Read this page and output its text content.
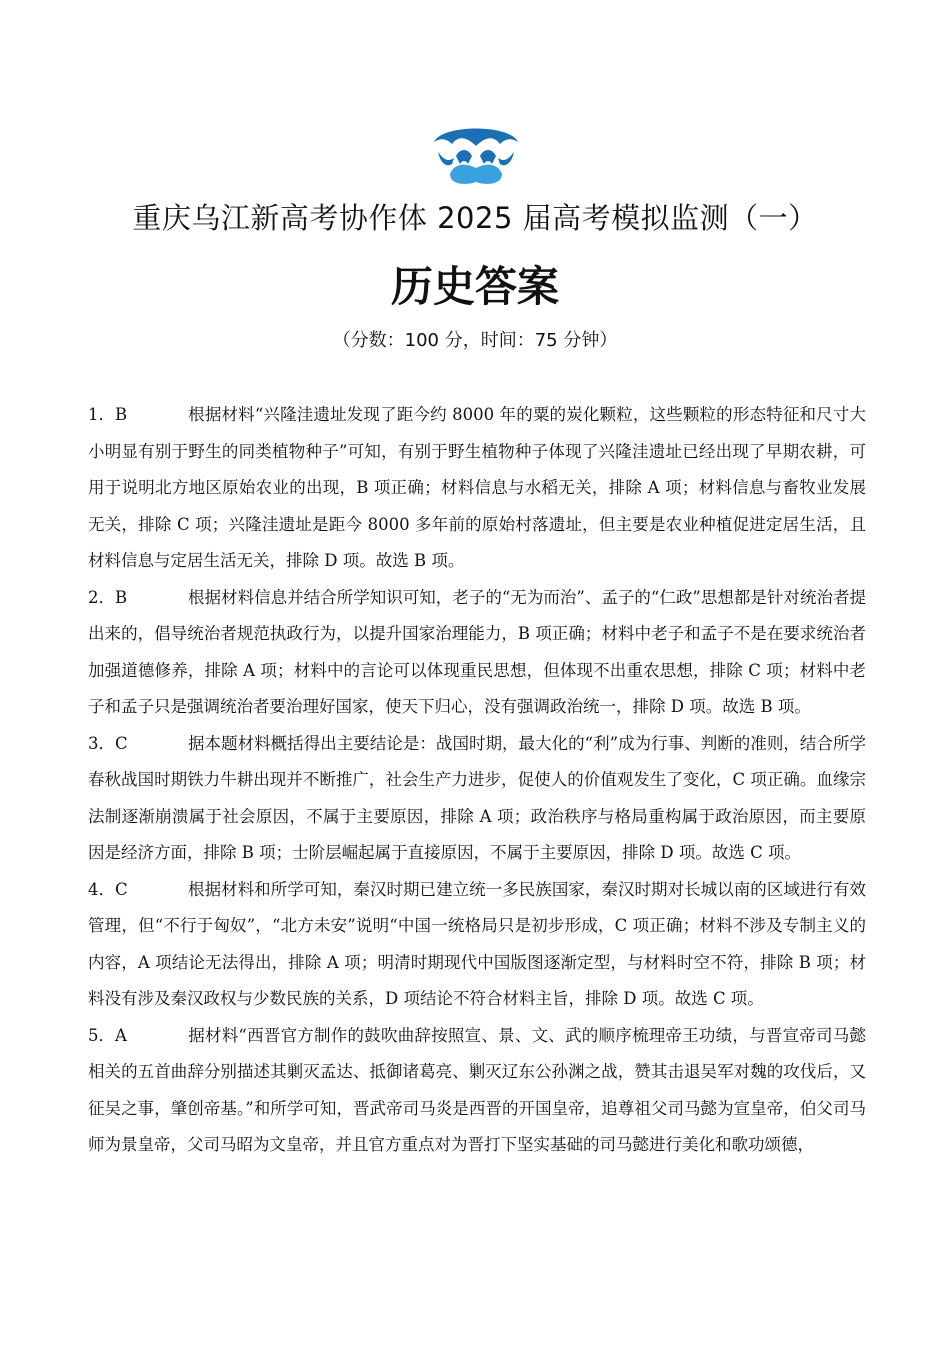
重庆乌江新高考协作体 2025 届高考模拟监测（一）
历史答案
（分数：100 分，时间：75 分钟）
1．B	根据材料“兴隆洼遗址发现了距今约 8000 年的粟的炭化颗粒，这些颗粒的形态特征和尺寸大小明显有别于野生的同类植物种子”可知，有别于野生植物种子体现了兴隆洼遗址已经出现了早期农耕，可用于说明北方地区原始农业的出现，B 项正确；材料信息与水稻无关，排除 A 项；材料信息与畜牧业发展无关，排除 C 项；兴隆洼遗址是距今 8000 多年前的原始村落遗址，但主要是农业种植促进定居生活，且材料信息与定居生活无关，排除 D 项。故选 B 项。
2．B	根据材料信息并结合所学知识可知，老子的“无为而治”、孟子的“仁政”思想都是针对统治者提出来的，倡导统治者规范执政行为，以提升国家治理能力，B 项正确；材料中老子和孟子不是在要求统治者加强道德修养，排除 A 项；材料中的言论可以体现重民思想，但体现不出重农思想，排除 C 项；材料中老子和孟子只是强调统治者要治理好国家，使天下归心，没有强调政治统一，排除 D 项。故选 B 项。
3．C	据本题材料概括得出主要结论是：战国时期，最大化的“利”成为行事、判断的准则，结合所学春秋战国时期铁力牛耕出现并不断推广，社会生产力进步，促使人的价值观发生了变化，C 项正确。血缘宗法制逐渐崩溃属于社会原因，不属于主要原因，排除 A 项；政治秩序与格局重构属于政治原因，而主要原因是经济方面，排除 B 项；士阶层崛起属于直接原因，不属于主要原因，排除 D 项。故选 C 项。
4．C	根据材料和所学可知，秦汉时期已建立统一多民族国家，秦汉时期对长城以南的区域进行有效管理，但“不行于匈奴”，“北方未安”说明“中国一统格局只是初步形成，C 项正确；材料不涉及专制主义的内容，A 项结论无法得出，排除 A 项；明清时期现代中国版图逐渐定型，与材料时空不符，排除 B 项；材料没有涉及秦汉政权与少数民族的关系，D 项结论不符合材料主旨，排除 D 项。故选 C 项。
5．A	据材料“西晋官方制作的鼓吹曲辞按照宣、景、文、武的顺序梳理帝王功绩，与晋宣帝司马懿相关的五首曲辞分别描述其剿灭孟达、抵御诸葛亮、剿灭辽东公孙渊之战，赞其击退吴军对魏的攻伐后，又征吴之事，肇创帝基。”和所学可知，晋武帝司马炎是西晋的开国皇帝，追尊祖父司马懿为宣皇帝，伯父司马师为景皇帝，父司马昭为文皇帝，并且官方重点对为晋打下坚实基础的司马懿进行美化和歌功颂德，
